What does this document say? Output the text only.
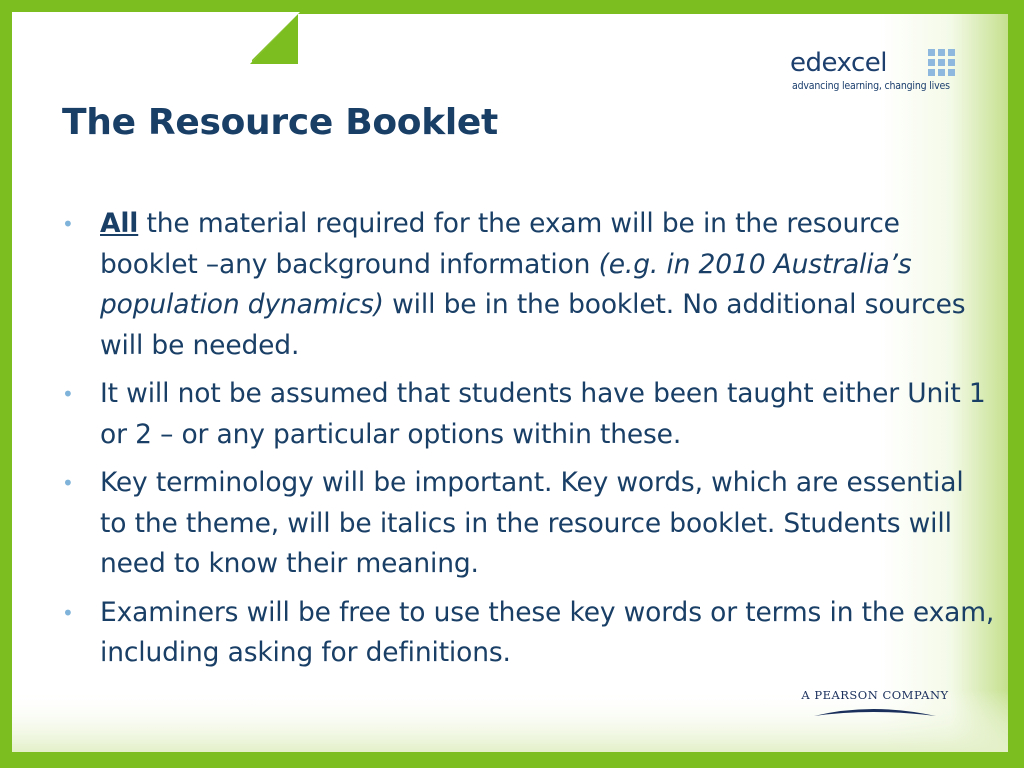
edexcel
advancing learning, changing lives
The Resource Booklet
• All the material required for the exam will be in the resource booklet –any background information (e.g. in 2010 Australia’s population dynamics) will be in the booklet. No additional sources will be needed.
• It will not be assumed that students have been taught either Unit 1 or 2 – or any particular options within these.
• Key terminology will be important. Key words, which are essential to the theme, will be italics in the resource booklet. Students will need to know their meaning.
• Examiners will be free to use these key words or terms in the exam, including asking for definitions.
A PEARSON COMPANY
